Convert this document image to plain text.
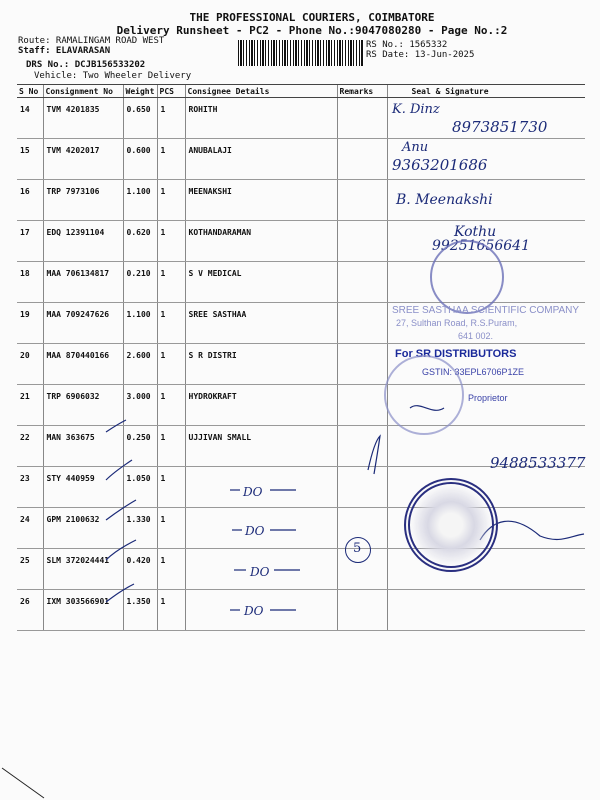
THE PROFESSIONAL COURIERS, COIMBATORE
Delivery Runsheet - PC2 - Phone No.:9047080280 - Page No.:2
Route: RAMALINGAM ROAD WEST
Staff: ELAVARASAN
DRS No.: DCJB156533202
Vehicle: Two Wheeler Delivery
RS No.: 1565332
RS Date: 13-Jun-2025
S No	Consignment No	Weight	PCS	Consignee Details	Remarks	Seal & Signature
14	TVM 4201835	0.650	1	ROHITH		
15	TVM 4202017	0.600	1	ANUBALAJI		
16	TRP 7973106	1.100	1	MEENAKSHI		
17	EDQ 12391104	0.620	1	KOTHANDARAMAN		
18	MAA 706134817	0.210	1	S V MEDICAL		
19	MAA 709247626	1.100	1	SREE SASTHAA		
20	MAA 870440166	2.600	1	S R DISTRI		
21	TRP 6906032	3.000	1	HYDROKRAFT		
22	MAN 363675	0.250	1	UJJIVAN SMALL		
23	STY 440959	1.050	1			
24	GPM 2100632	1.330	1			
25	SLM 372024441	0.420	1			
26	IXM 303566901	1.350	1			
K. Dinz
8973851730
Anu
9363201686
B. Meenakshi
Kothu
99251656641
9488533377
DO
DO
DO
DO
5
SREE SASTHAA SCIENTIFIC COMPANY
27, Sulthan Road, R.S.Puram,
641 002.
For SR DISTRIBUTORS
GSTIN: 33EPL6706P1ZE
Proprietor
